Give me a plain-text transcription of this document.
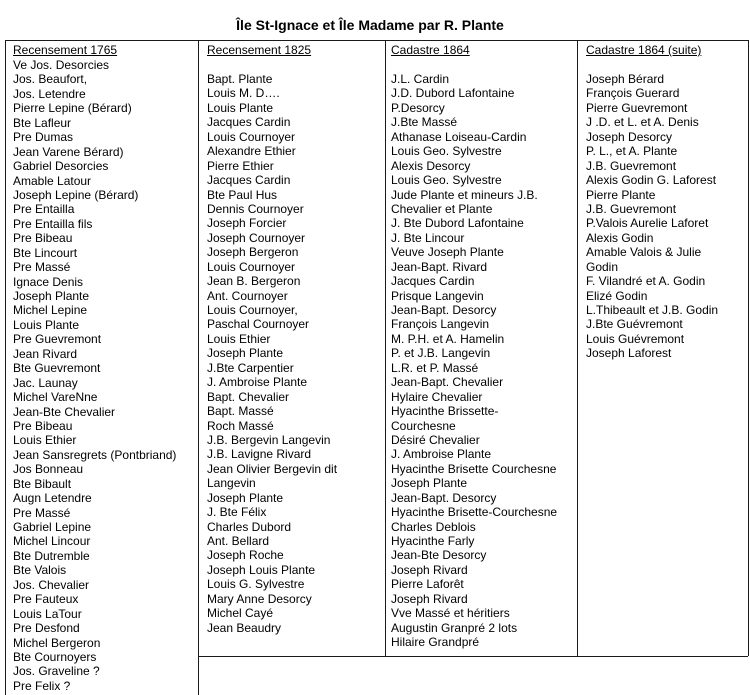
Île St-Ignace et Île Madame par R. Plante
Recensement 1765
Ve Jos. Desorcies
Jos. Beaufort,
Jos. Letendre
Pierre Lepine (Bérard)
Bte Lafleur
Pre Dumas
Jean Varene Bérard)
Gabriel Desorcies
Amable Latour
Joseph Lepine (Bérard)
Pre Entailla
Pre Entailla fils
Pre Bibeau
Bte Lincourt
Pre Massé
Ignace Denis
Joseph Plante
Michel Lepine
Louis Plante
Pre Guevremont
Jean Rivard
Bte Guevremont
Jac. Launay
Michel VareNne
Jean-Bte Chevalier
Pre Bibeau
Louis Ethier
Jean Sansregrets (Pontbriand)
Jos Bonneau
Bte Bibault
Augn Letendre
Pre Massé
Gabriel Lepine
Michel Lincour
Bte Dutremble
Bte Valois
Jos. Chevalier
Pre Fauteux
Louis LaTour
Pre Desfond
Michel Bergeron
Bte Cournoyers
Jos. Graveline ?
Pre Felix ?
Recensement 1825
Bapt. Plante
Louis M. D….
Louis Plante
Jacques Cardin
Louis Cournoyer
Alexandre Ethier
Pierre Ethier
Jacques Cardin
Bte Paul Hus
Dennis Cournoyer
Joseph Forcier
Joseph Cournoyer
Joseph Bergeron
Louis Cournoyer
Jean B. Bergeron
Ant. Cournoyer
Louis Cournoyer,
Paschal Cournoyer
Louis Ethier
Joseph Plante
J.Bte Carpentier
J. Ambroise Plante
Bapt. Chevalier
Bapt. Massé
Roch Massé
J.B. Bergevin Langevin
J.B. Lavigne Rivard
Jean Olivier Bergevin dit
Langevin
Joseph Plante
J. Bte Félix
Charles Dubord
Ant. Bellard
Joseph Roche
Joseph Louis Plante
Louis G. Sylvestre
Mary Anne Desorcy
Michel Cayé
Jean Beaudry
Cadastre 1864
J.L. Cardin
J.D. Dubord Lafontaine
P.Desorcy
J.Bte Massé
Athanase Loiseau-Cardin
Louis Geo. Sylvestre
Alexis Desorcy
Louis Geo. Sylvestre
Jude Plante et mineurs J.B.
Chevalier et Plante
J. Bte Dubord Lafontaine
J. Bte Lincour
Veuve Joseph Plante
Jean-Bapt. Rivard
Jacques Cardin
Prisque Langevin
Jean-Bapt. Desorcy
François Langevin
M. P.H. et A. Hamelin
P. et J.B. Langevin
L.R. et P. Massé
Jean-Bapt. Chevalier
Hylaire Chevalier
Hyacinthe Brissette-
Courchesne
Désiré Chevalier
J. Ambroise Plante
Hyacinthe Brisette Courchesne
Joseph Plante
Jean-Bapt. Desorcy
Hyacinthe Brisette-Courchesne
Charles Deblois
Hyacinthe Farly
Jean-Bte Desorcy
Joseph Rivard
Pierre Laforêt
Joseph Rivard
Vve Massé et héritiers
Augustin Granpré 2 lots
Hilaire Grandpré
Cadastre 1864 (suite)
Joseph Bérard
François Guerard
Pierre Guevremont
J .D. et L. et A. Denis
Joseph Desorcy
P. L., et A. Plante
J.B. Guevremont
Alexis Godin G. Laforest
Pierre Plante
J.B. Guevremont
P.Valois Aurelie Laforet
Alexis Godin
Amable Valois & Julie
Godin
F. Vilandré et A. Godin
Elizé Godin
L.Thibeault et J.B. Godin
J.Bte Guévremont
Louis Guévremont
Joseph Laforest
